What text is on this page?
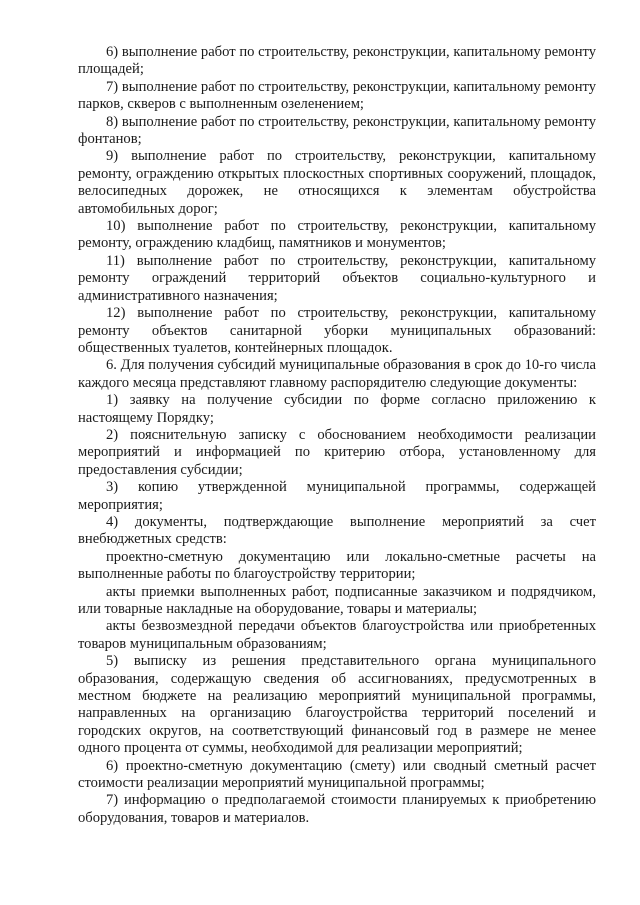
6) выполнение работ по строительству, реконструкции, капитальному ремонту площадей;

7) выполнение работ по строительству, реконструкции, капитальному ремонту парков, скверов с выполненным озеленением;

8) выполнение работ по строительству, реконструкции, капитальному ремонту фонтанов;

9) выполнение работ по строительству, реконструкции, капитальному ремонту, ограждению открытых плоскостных спортивных сооружений, площадок, велосипедных дорожек, не относящихся к элементам обустройства автомобильных дорог;

10) выполнение работ по строительству, реконструкции, капитальному ремонту, ограждению кладбищ, памятников и монументов;

11) выполнение работ по строительству, реконструкции, капитальному ремонту ограждений территорий объектов социально-культурного и административного назначения;

12) выполнение работ по строительству, реконструкции, капитальному ремонту объектов санитарной уборки муниципальных образований: общественных туалетов, контейнерных площадок.

6. Для получения субсидий муниципальные образования в срок до 10-го числа каждого месяца представляют главному распорядителю следующие документы:

1) заявку на получение субсидии по форме согласно приложению к настоящему Порядку;

2) пояснительную записку с обоснованием необходимости реализации мероприятий и информацией по критерию отбора, установленному для предоставления субсидии;

3) копию утвержденной муниципальной программы, содержащей мероприятия;

4) документы, подтверждающие выполнение мероприятий за счет внебюджетных средств:

проектно-сметную документацию или локально-сметные расчеты на выполненные работы по благоустройству территории;

акты приемки выполненных работ, подписанные заказчиком и подрядчиком, или товарные накладные на оборудование, товары и материалы;

акты безвозмездной передачи объектов благоустройства или приобретенных товаров муниципальным образованиям;

5) выписку из решения представительного органа муниципального образования, содержащую сведения об ассигнованиях, предусмотренных в местном бюджете на реализацию мероприятий муниципальной программы, направленных на организацию благоустройства территорий поселений и городских округов, на соответствующий финансовый год в размере не менее одного процента от суммы, необходимой для реализации мероприятий;

6) проектно-сметную документацию (смету) или сводный сметный расчет стоимости реализации мероприятий муниципальной программы;

7) информацию о предполагаемой стоимости планируемых к приобретению оборудования, товаров и материалов.
